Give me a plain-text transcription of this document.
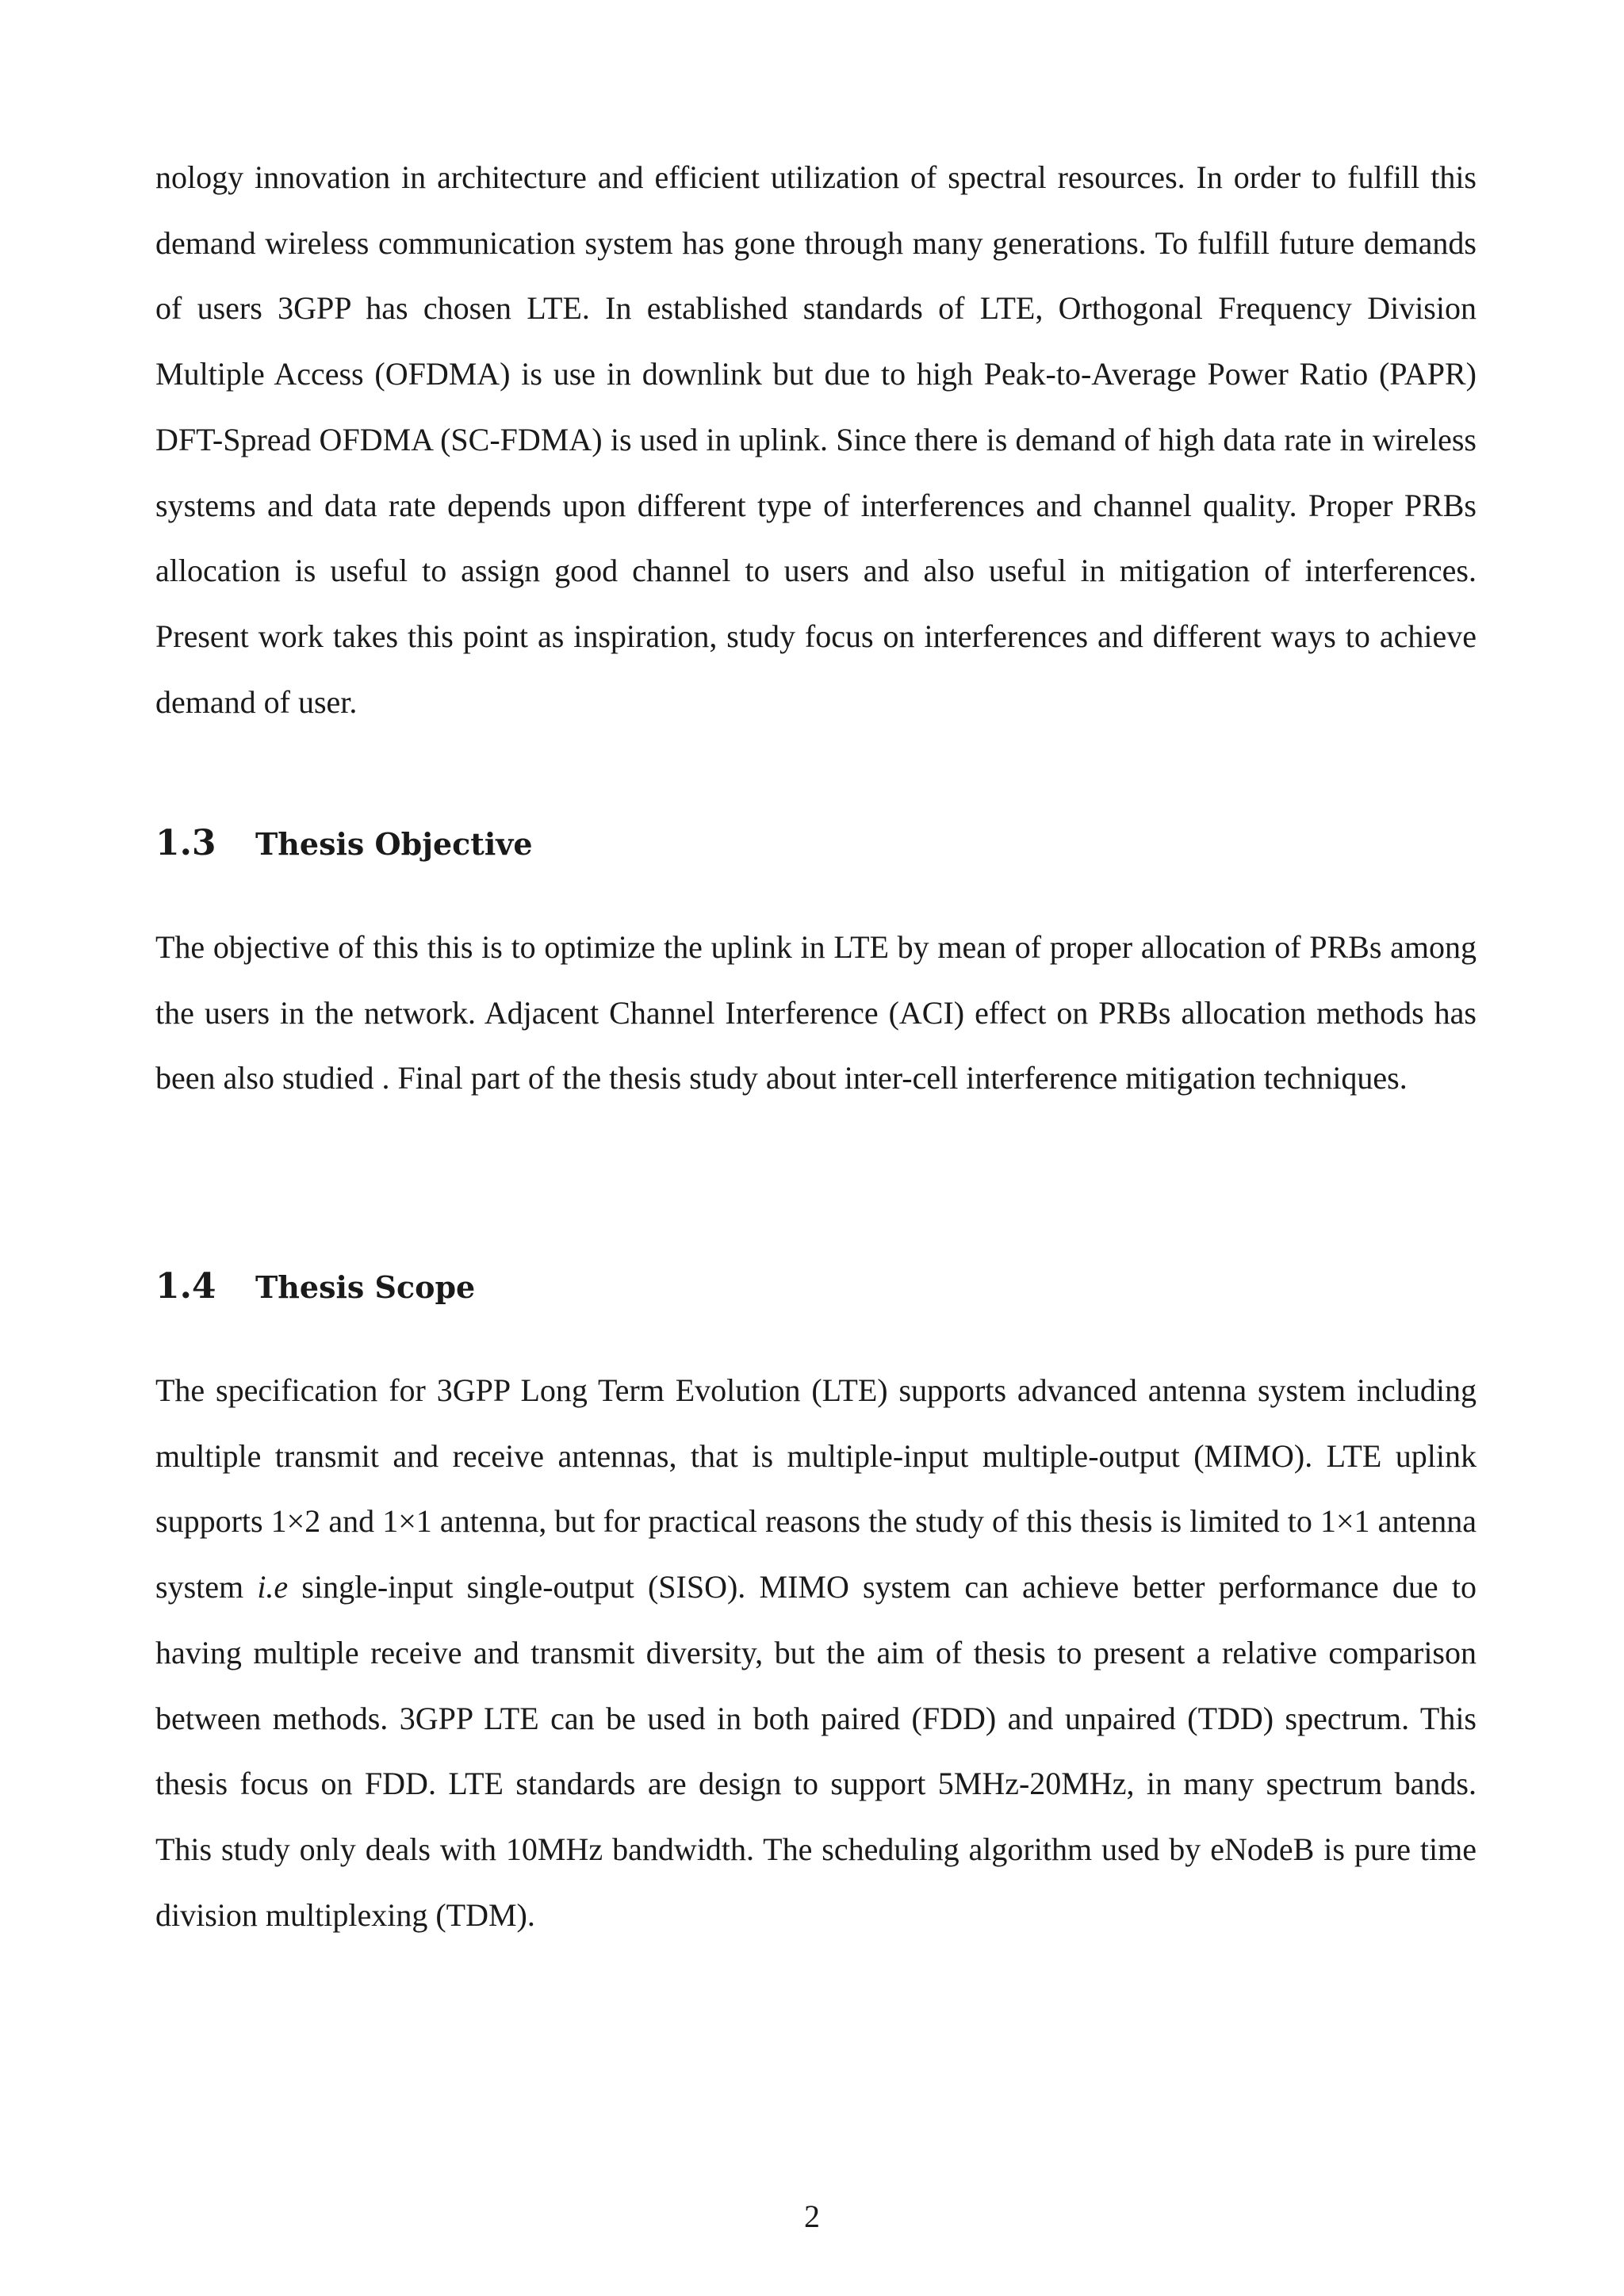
nology innovation in architecture and efficient utilization of spectral resources. In order to fulfill this demand wireless communication system has gone through many generations. To fulfill future demands of users 3GPP has chosen LTE. In established standards of LTE, Orthogonal Frequency Division Multiple Access (OFDMA) is use in downlink but due to high Peak-to-Average Power Ratio (PAPR) DFT-Spread OFDMA (SC-FDMA) is used in uplink. Since there is demand of high data rate in wireless systems and data rate depends upon different type of interferences and channel quality. Proper PRBs allocation is useful to assign good channel to users and also useful in mitigation of interferences. Present work takes this point as inspiration, study focus on interferences and different ways to achieve demand of user.

1.3	Thesis Objective

The objective of this this is to optimize the uplink in LTE by mean of proper allocation of PRBs among the users in the network. Adjacent Channel Interference (ACI) effect on PRBs allocation methods has been also studied . Final part of the thesis study about inter-cell interference mitigation techniques.

1.4	Thesis Scope

The specification for 3GPP Long Term Evolution (LTE) supports advanced antenna system including multiple transmit and receive antennas, that is multiple-input multiple-output (MIMO). LTE uplink supports 1×2 and 1×1 antenna, but for practical reasons the study of this thesis is limited to 1×1 antenna system i.e single-input single-output (SISO). MIMO system can achieve better performance due to having multiple receive and transmit diversity, but the aim of thesis to present a relative comparison between methods. 3GPP LTE can be used in both paired (FDD) and unpaired (TDD) spectrum. This thesis focus on FDD. LTE standards are design to support 5MHz-20MHz, in many spectrum bands. This study only deals with 10MHz bandwidth. The scheduling algorithm used by eNodeB is pure time division multiplexing (TDM).

2
